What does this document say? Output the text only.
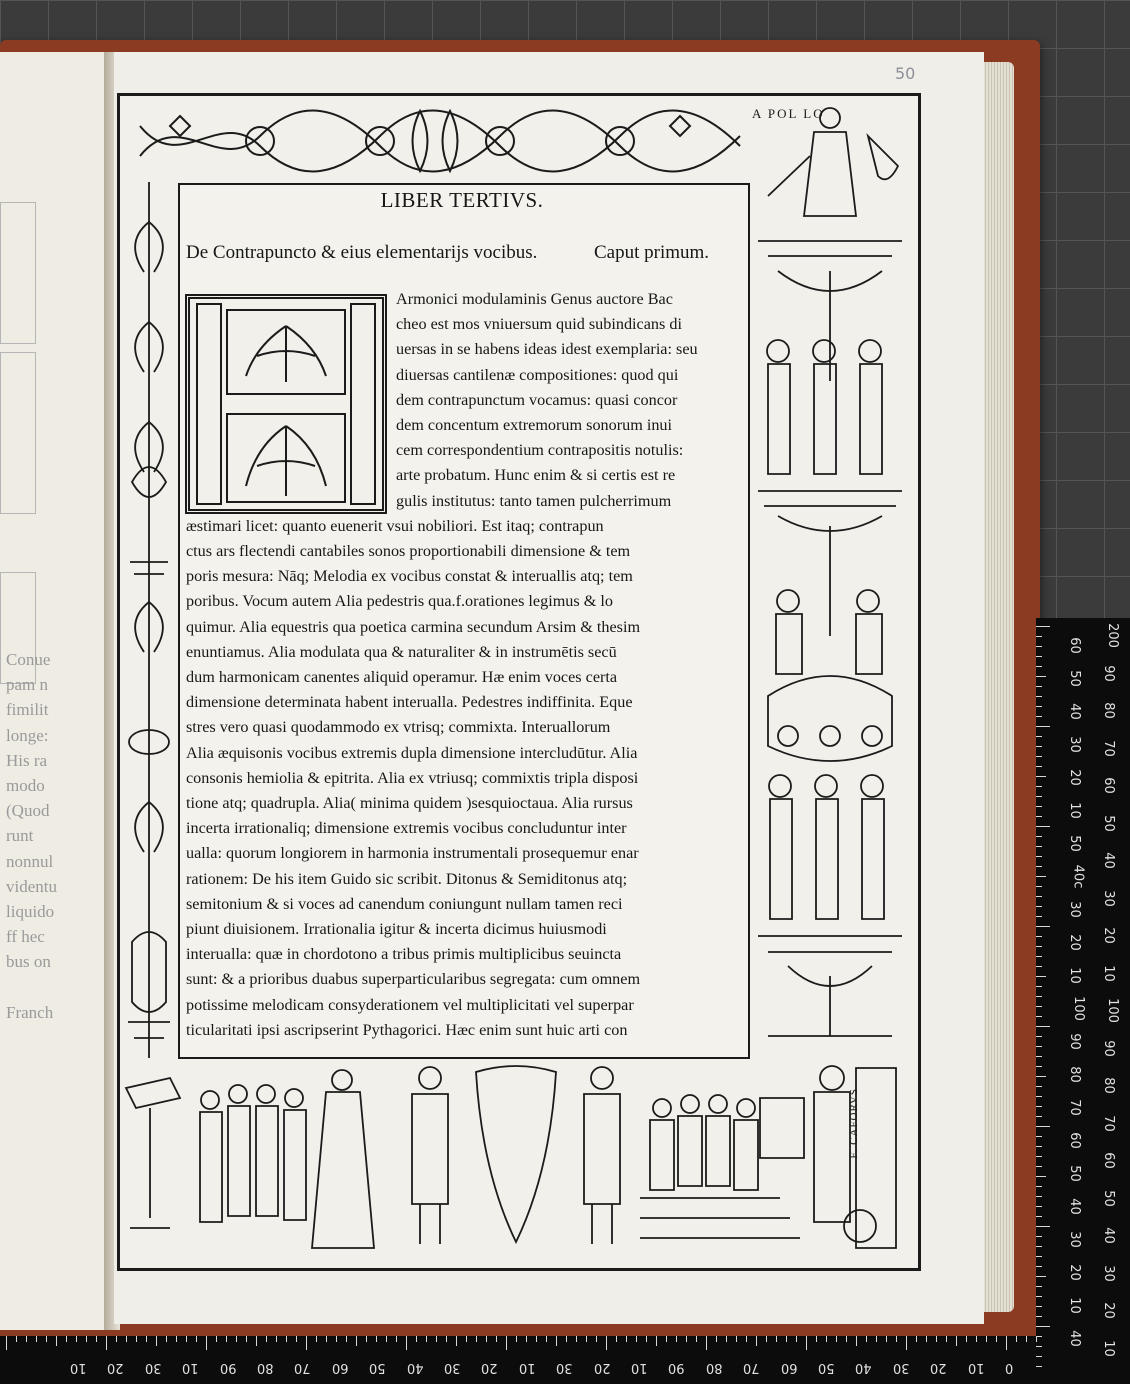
Conue
pam n
fimilit
longe:
His ra
modo
(Quod
runt
nonnul
videntu
liquido
ff hec
bus on
Franch
50
A POL LO
F. CAFORVS
LIBER TERTIVS.
De Contrapuncto & eius elementarijs vocibus.	Caput primum.
Armonici modulaminis Genus auctore Bac
cheo est mos vniuersum quid subindicans di
uersas in se habens ideas idest exemplaria: seu
diuersas cantilenæ compositiones: quod qui
dem contrapunctum vocamus: quasi concor
dem concentum extremorum sonorum inui
cem correspondentium contrapositis notulis:
arte probatum. Hunc enim & si certis est re
gulis institutus: tanto tamen pulcherrimum
æstimari licet: quanto euenerit vsui nobiliori. Est itaq; contrapun
ctus ars flectendi cantabiles sonos proportionabili dimensione & tem
poris mesura: Nāq; Melodia ex vocibus constat & interuallis atq; tem
poribus. Vocum autem Alia pedestris qua.f.orationes legimus & lo
quimur. Alia equestris qua poetica carmina secundum Arsim & thesim
enuntiamus. Alia modulata qua & naturaliter & in instrumētis secū
dum harmonicam canentes aliquid operamur. Hæ enim voces certa
dimensione determinata habent interualla. Pedestres indiffinita. Eque
stres vero quasi quodammodo ex vtrisq; commixta. Interuallorum
Alia æquisonis vocibus extremis dupla dimensione intercludūtur. Alia
consonis hemiolia & epitrita. Alia ex vtriusq; commixtis tripla disposi
tione atq; quadrupla. Alia( minima quidem )sesquioctaua. Alia rursus
incerta irrationaliq; dimensione extremis vocibus concluduntur inter
ualla: quorum longiorem in harmonia instrumentali prosequemur enar
rationem: De his item Guido sic scribit. Ditonus & Semiditonus atq;
semitonium & si voces ad canendum coniungunt nullam tamen reci
piunt diuisionem. Irrationalia igitur & incerta dicimus huiusmodi
interualla: quæ in chordotono a tribus primis multiplicibus seuincta
sunt: & a prioribus duabus superparticularibus segregata: cum omnem
potissime melodicam consyderationem vel multiplicitati vel superpar
ticularitati ipsi ascripserint Pythagorici. Hæc enim sunt huic arti con
200
90
80
70
60
50
40
30
20
10
100
90
80
70
60
50
40
30
20
10
60
50
40
30
20
10
50
40c
30
20
10
100
90
80
70
60
50
40
30
20
10
40
10 20 30 10 90 80 70 60 50 40 30 20 10 30 20 10 90 80 70 60 50 40 30 20 10 0
